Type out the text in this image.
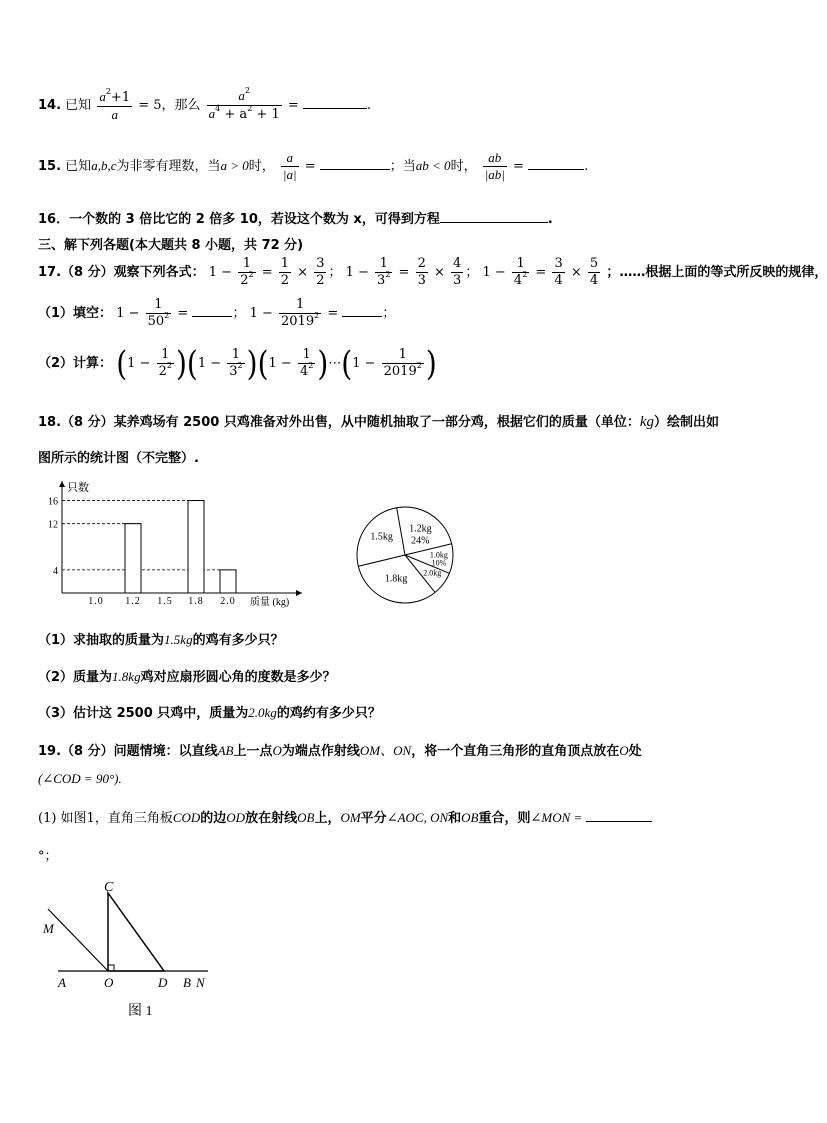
14. 已知 $\frac{a^2+1}{a} = 5$，那么 $\frac{a^2}{a^4 + a^2 + 1}$ =	.
15. 已知a,b,c为非零有理数，当a > 0时， $\frac{a}{|a|}$ =	；当ab < 0时， $\frac{ab}{|ab|}$ =	.
16．一个数的 3 倍比它的 2 倍多 10，若设这个数为 x，可得到方程	.
三、解下列各题(本大题共 8 小题，共 72 分)
17.（8 分）观察下列各式： $1 - \frac{1}{2^2} = \frac{1}{2} \times \frac{3}{2}$ ； $1 - \frac{1}{3^2} = \frac{2}{3} \times \frac{4}{3}$ ； $1 - \frac{1}{4^2} = \frac{3}{4} \times \frac{5}{4}$ ；……根据上面的等式所反映的规律，
（1）填空： $1 - \frac{1}{50^2}$ =	； $1 - \frac{1}{2019^2}$ =	；
（2）计算： $(1 - \frac{1}{2^2} )(1 - \frac{1}{3^2} )(1 - \frac{1}{4^2}$ )⋯(1 − $\frac{1}{2019^2}$ )
18.（8 分）某养鸡场有 2500 只鸡准备对外出售，从中随机抽取了一部分鸡，根据它们的质量（单位：kg）绘制出如
图所示的统计图（不完整）.
只数
质量 (kg)
1.0 1.2 1.5 1.8 2.0
4
12
16
1.2kg
24%
1.0kg
10%
2.0kg
1.8kg
1.5kg
（1）求抽取的质量为1.5kg的鸡有多少只？
（2）质量为1.8kg鸡对应扇形圆心角的度数是多少？
（3）估计这 2500 只鸡中，质量为2.0kg的鸡约有多少只？
19.（8 分）问题情境：以直线AB上一点O为端点作射线OM、ON，将一个直角三角形的直角顶点放在O处
(∠COD = 90°).
(1) 如图1，直角三角板COD的边OD放在射线OB上，OM平分∠AOC, ON和OB重合，则∠MON =
°；
C
M
A	O	D B N
图 1
